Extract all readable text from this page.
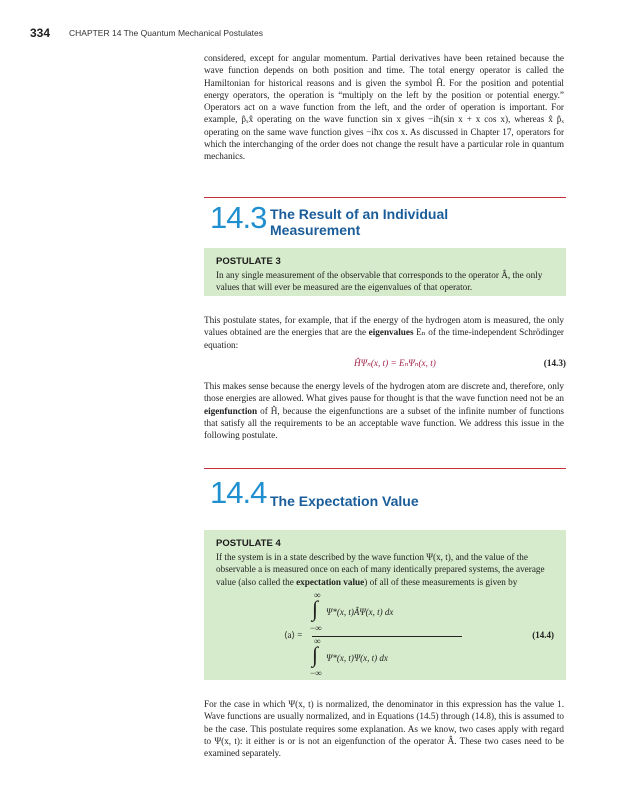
334 CHAPTER 14 The Quantum Mechanical Postulates
considered, except for angular momentum. Partial derivatives have been retained because the wave function depends on both position and time. The total energy operator is called the Hamiltonian for historical reasons and is given the symbol Ĥ. For the position and potential energy operators, the operation is “multiply on the left by the position or potential energy.” Operators act on a wave function from the left, and the order of operation is important. For example, p̂ₓx̂ operating on the wave function sin x gives −iħ(sin x + x cos x), whereas x̂ p̂ₓ operating on the same wave function gives −iħx cos x. As discussed in Chapter 17, operators for which the interchanging of the order does not change the result have a particular role in quantum mechanics.
14.3 The Result of an Individual
Measurement
POSTULATE 3
In any single measurement of the observable that corresponds to the operator Â, the only values that will ever be measured are the eigenvalues of that operator.
This postulate states, for example, that if the energy of the hydrogen atom is measured, the only values obtained are the energies that are the eigenvalues Eₙ of the time-independent Schrödinger equation:
ĤΨₙ(x, t) = EₙΨₙ(x, t)	(14.3)
This makes sense because the energy levels of the hydrogen atom are discrete and, therefore, only those energies are allowed. What gives pause for thought is that the wave function need not be an eigenfunction of Ĥ, because the eigenfunctions are a subset of the infinite number of functions that satisfy all the requirements to be an acceptable wave function. We address this issue in the following postulate.
14.4 The Expectation Value
POSTULATE 4
If the system is in a state described by the wave function Ψ(x, t), and the value of the observable a is measured once on each of many identically prepared systems, the average value (also called the expectation value) of all of these measurements is given by
⟨a⟩ =
∞
∫ Ψ*(x, t)ÂΨ(x, t) dx
−∞
∞
∫ Ψ*(x, t)Ψ(x, t) dx
−∞
(14.4)
For the case in which Ψ(x, t) is normalized, the denominator in this expression has the value 1. Wave functions are usually normalized, and in Equations (14.5) through (14.8), this is assumed to be the case. This postulate requires some explanation. As we know, two cases apply with regard to Ψ(x, t): it either is or is not an eigenfunction of the operator Â. These two cases need to be examined separately.
